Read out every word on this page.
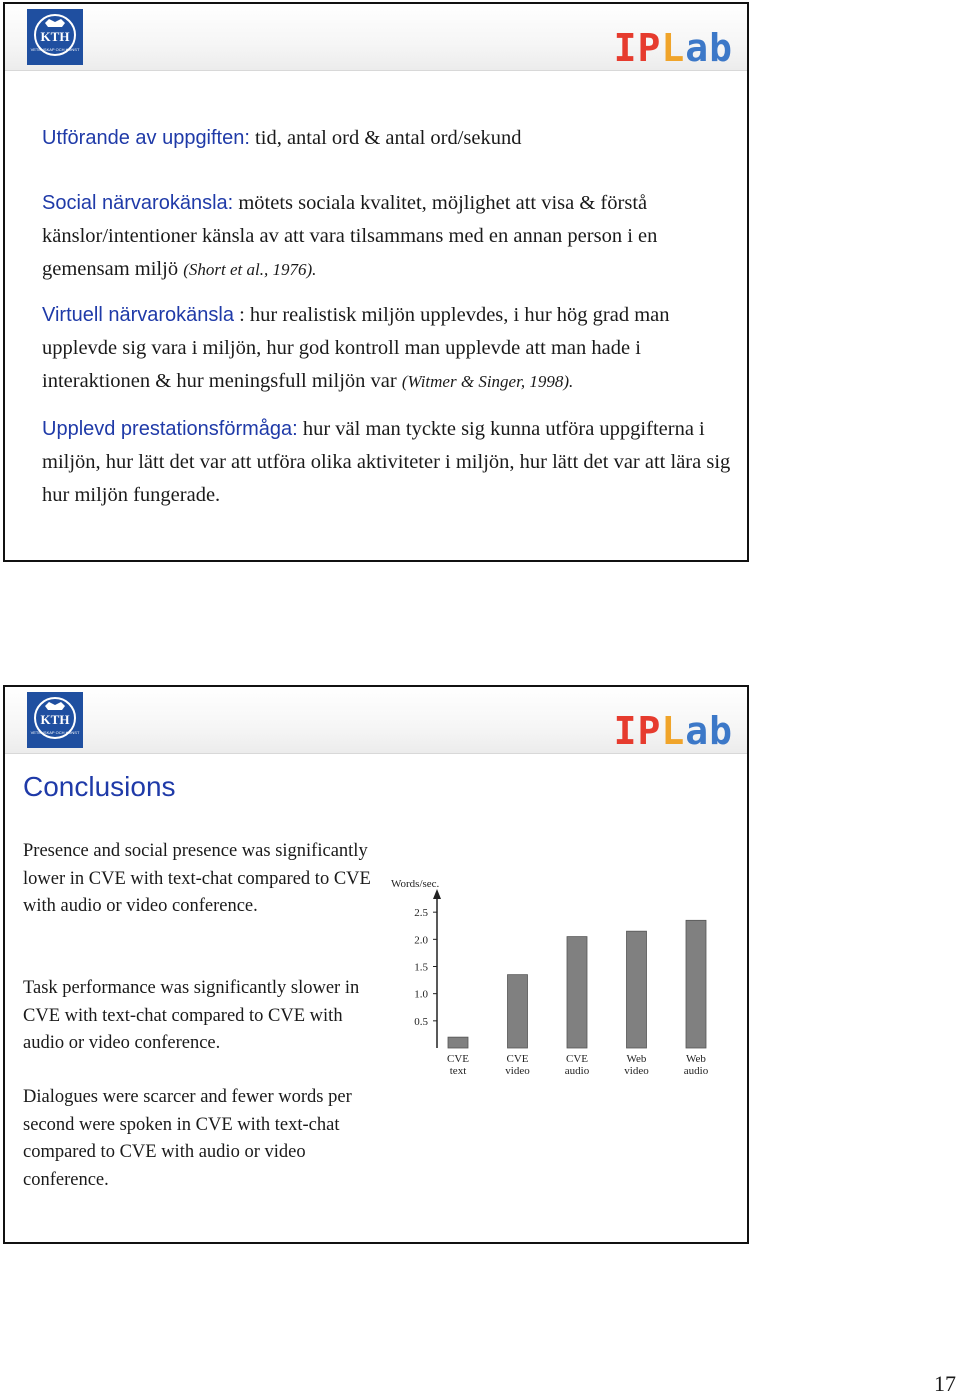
KTH
VETENSKAP OCH KONST	IPLab

Utförande av uppgiften: tid, antal ord & antal ord/sekund

Social närvarokänsla: mötets sociala kvalitet, möjlighet att visa & förstå känslor/intentioner känsla av att vara tilsammans med en annan person i en gemensam miljö (Short et al., 1976).

Virtuell närvarokänsla : hur realistisk miljön upplevdes, i hur hög grad man upplevde sig vara i miljön, hur god kontroll man upplevde att man hade i interaktionen & hur meningsfull miljön var (Witmer & Singer, 1998).

Upplevd prestationsförmåga: hur väl man tyckte sig kunna utföra uppgifterna i miljön, hur lätt det var att utföra olika aktiviteter i miljön, hur lätt det var att lära sig hur miljön fungerade.

KTH
VETENSKAP OCH KONST	IPLab
Conclusions

Presence and social presence was significantly lower in CVE with text-chat compared to CVE with audio or video conference.

Task performance was significantly slower in CVE with text-chat compared to CVE with audio or video conference.

Dialogues were scarcer and fewer words per second were spoken in CVE with text-chat compared to CVE with audio or video conference.

Words/sec.
0.5
1.0
1.5
2.0
2.5
CVE
text
CVE
video
CVE
audio
Web
video
Web
audio
17
